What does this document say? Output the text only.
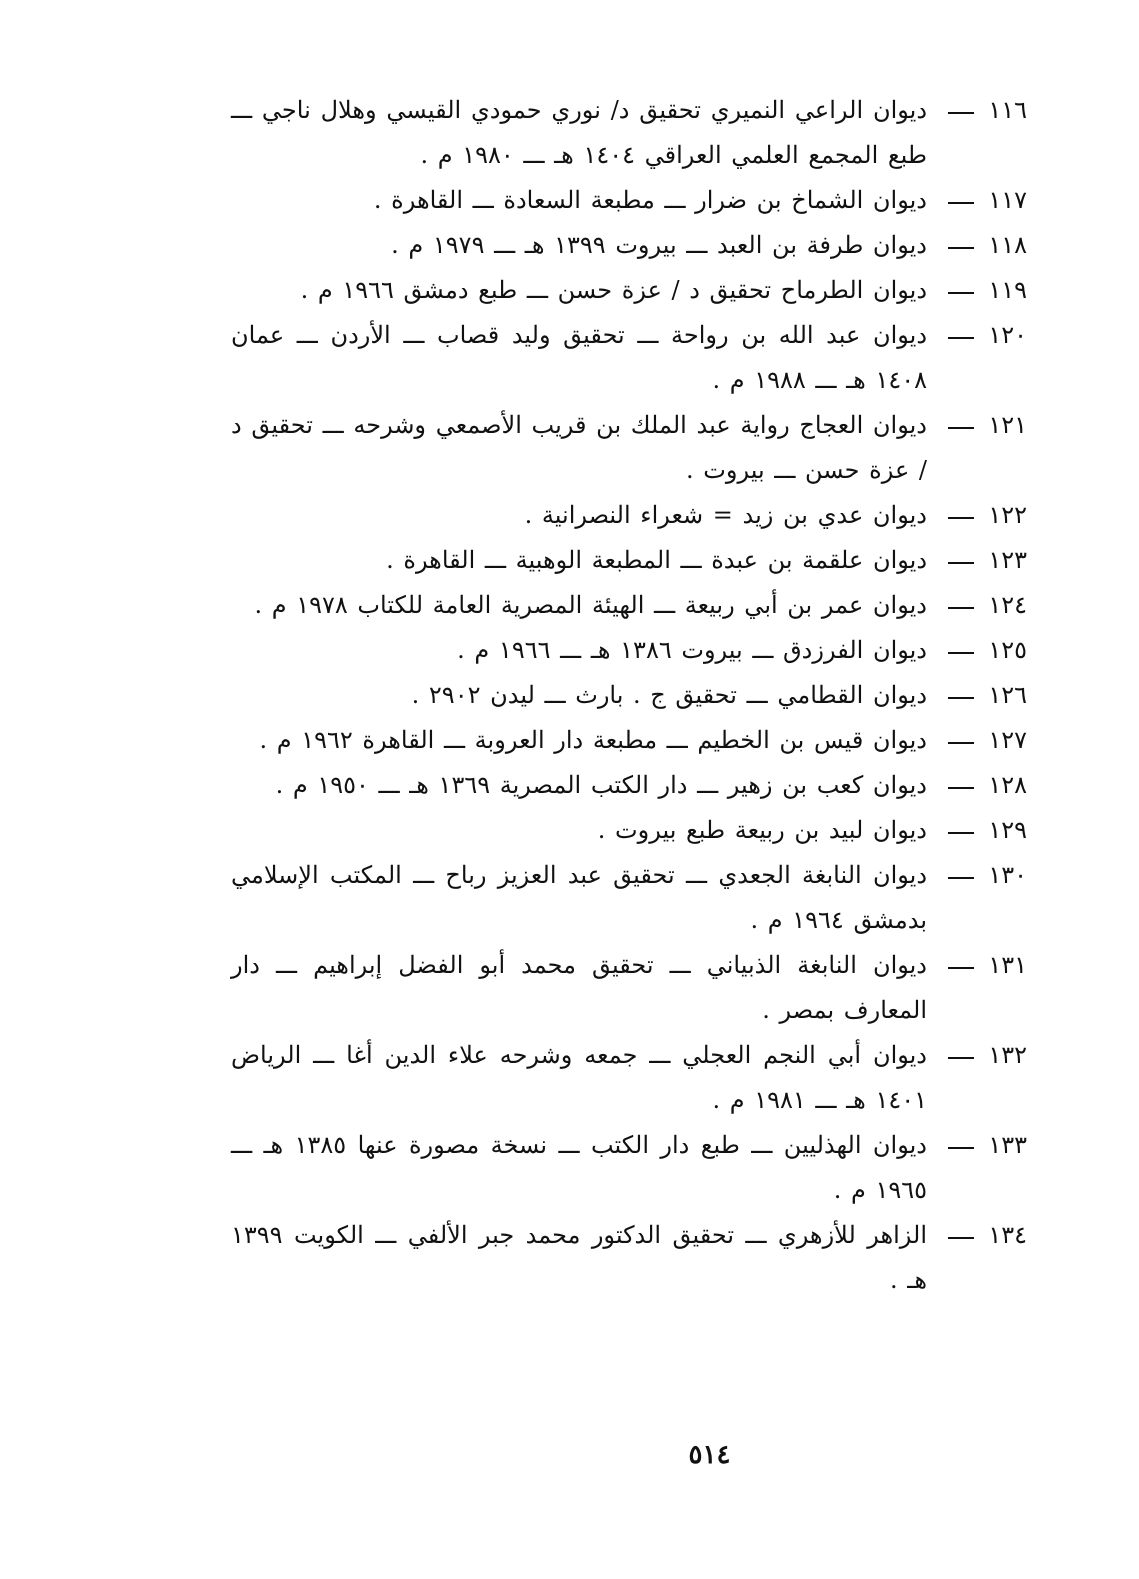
١١٦
ديوان الراعي النميري تحقيق د/ نوري حمودي القيسي وهلال ناجي ـــ طبع المجمع العلمي العراقي ١٤٠٤ هـ ـــ ١٩٨٠ م .
١١٧
ديوان الشماخ بن ضرار ـــ مطبعة السعادة ـــ القاهرة .
١١٨
ديوان طرفة بن العبد ـــ بيروت ١٣٩٩ هـ ـــ ١٩٧٩ م .
١١٩
ديوان الطرماح تحقيق د / عزة حسن ـــ طبع دمشق ١٩٦٦ م .
١٢٠
ديوان عبد الله بن رواحة ـــ تحقيق وليد قصاب ـــ الأردن ـــ عمان ١٤٠٨ هـ ـــ ١٩٨٨ م .
١٢١
ديوان العجاج رواية عبد الملك بن قريب الأصمعي وشرحه ـــ تحقيق د / عزة حسن ـــ بيروت .
١٢٢
ديوان عدي بن زيد = شعراء النصرانية .
١٢٣
ديوان علقمة بن عبدة ـــ المطبعة الوهبية ـــ القاهرة .
١٢٤
ديوان عمر بن أبي ربيعة ـــ الهيئة المصرية العامة للكتاب ١٩٧٨ م .
١٢٥
ديوان الفرزدق ـــ بيروت ١٣٨٦ هـ ـــ ١٩٦٦ م .
١٢٦
ديوان القطامي ـــ تحقيق ج . بارث ـــ ليدن ٢٩٠٢ .
١٢٧
ديوان قيس بن الخطيم ـــ مطبعة دار العروبة ـــ القاهرة ١٩٦٢ م .
١٢٨
ديوان كعب بن زهير ـــ دار الكتب المصرية ١٣٦٩ هـ ـــ ١٩٥٠ م .
١٢٩
ديوان لبيد بن ربيعة طبع بيروت .
١٣٠
ديوان النابغة الجعدي ـــ تحقيق عبد العزيز رباح ـــ المكتب الإسلامي بدمشق ١٩٦٤ م .
١٣١
ديوان النابغة الذبياني ـــ تحقيق محمد أبو الفضل إبراهيم ـــ دار المعارف بمصر .
١٣٢
ديوان أبي النجم العجلي ـــ جمعه وشرحه علاء الدين أغا ـــ الرياض ١٤٠١ هـ ـــ ١٩٨١ م .
١٣٣
ديوان الهذليين ـــ طبع دار الكتب ـــ نسخة مصورة عنها ١٣٨٥ هـ ـــ ١٩٦٥ م .
١٣٤
الزاهر للأزهري ـــ تحقيق الدكتور محمد جبر الألفي ـــ الكويت ١٣٩٩ هـ .
٥١٤
